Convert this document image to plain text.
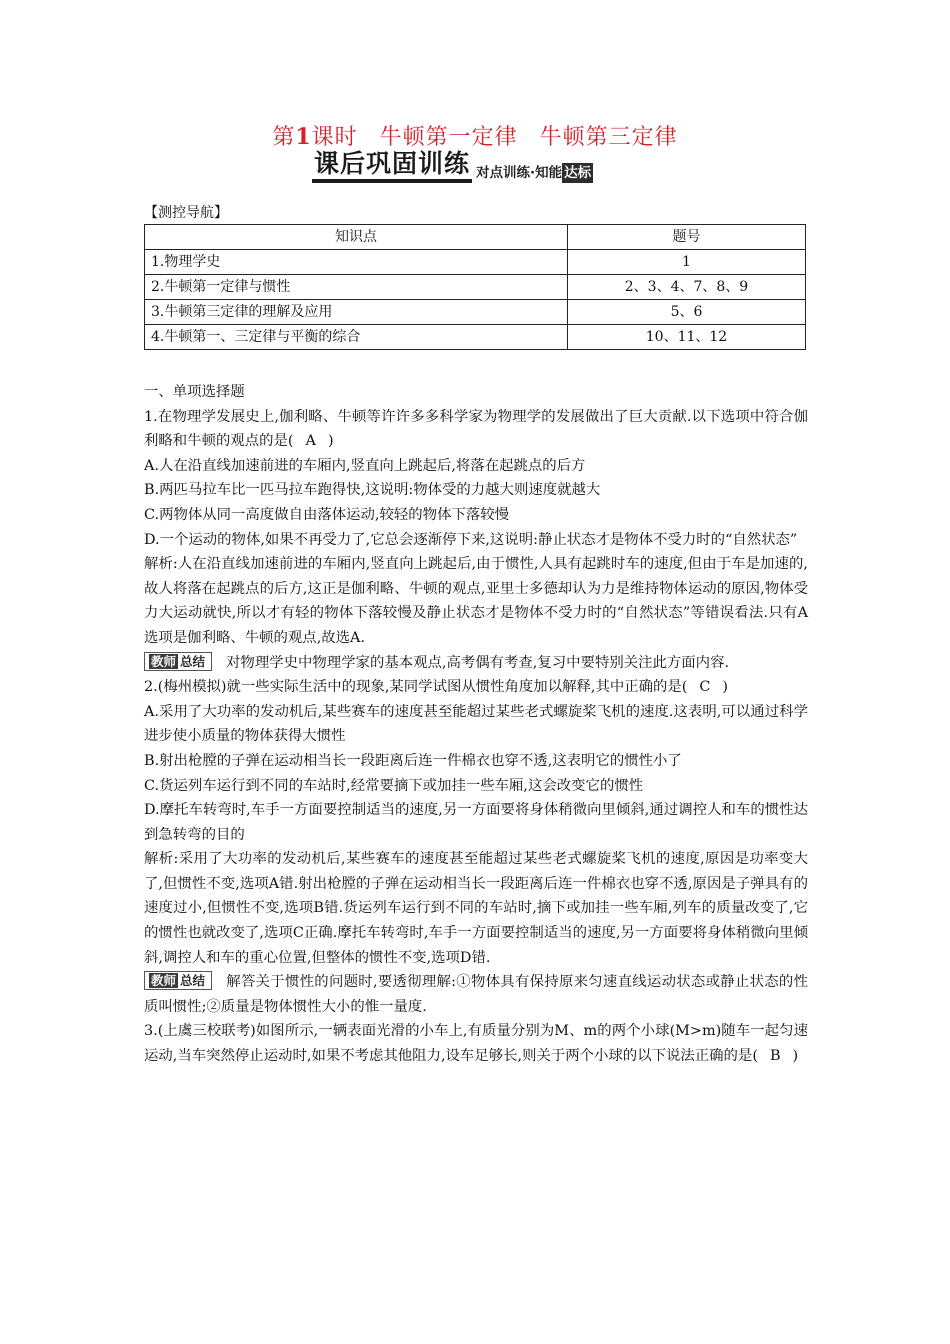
第1课时 牛顿第一定律 牛顿第三定律
课后巩固训练 对点训练·知能 达标
【测控导航】
知识点	题号
1.物理学史	1
2.牛顿第一定律与惯性	2、3、4、7、8、9
3.牛顿第三定律的理解及应用	5、6
4.牛顿第一、三定律与平衡的综合	10、11、12

一、单项选择题

1.在物理学发展史上,伽利略、牛顿等许许多多科学家为物理学的发展做出了巨大贡献.以下选项中符合伽利略和牛顿的观点的是( A )

A.人在沿直线加速前进的车厢内,竖直向上跳起后,将落在起跳点的后方

B.两匹马拉车比一匹马拉车跑得快,这说明:物体受的力越大则速度就越大

C.两物体从同一高度做自由落体运动,较轻的物体下落较慢

D.一个运动的物体,如果不再受力了,它总会逐渐停下来,这说明:静止状态才是物体不受力时的“自然状态”

解析:人在沿直线加速前进的车厢内,竖直向上跳起后,由于惯性,人具有起跳时车的速度,但由于车是加速的,故人将落在起跳点的后方,这正是伽利略、牛顿的观点,亚里士多德却认为力是维持物体运动的原因,物体受力大运动就快,所以才有轻的物体下落较慢及静止状态才是物体不受力时的“自然状态”等错误看法.只有A选项是伽利略、牛顿的观点,故选A.

教师 总结 对物理学史中物理学家的基本观点,高考偶有考查,复习中要特别关注此方面内容.

2.(梅州模拟)就一些实际生活中的现象,某同学试图从惯性角度加以解释,其中正确的是( C )

A.采用了大功率的发动机后,某些赛车的速度甚至能超过某些老式螺旋桨飞机的速度.这表明,可以通过科学进步使小质量的物体获得大惯性

B.射出枪膛的子弹在运动相当长一段距离后连一件棉衣也穿不透,这表明它的惯性小了

C.货运列车运行到不同的车站时,经常要摘下或加挂一些车厢,这会改变它的惯性

D.摩托车转弯时,车手一方面要控制适当的速度,另一方面要将身体稍微向里倾斜,通过调控人和车的惯性达到急转弯的目的

解析:采用了大功率的发动机后,某些赛车的速度甚至能超过某些老式螺旋桨飞机的速度,原因是功率变大了,但惯性不变,选项A错.射出枪膛的子弹在运动相当长一段距离后连一件棉衣也穿不透,原因是子弹具有的速度过小,但惯性不变,选项B错.货运列车运行到不同的车站时,摘下或加挂一些车厢,列车的质量改变了,它的惯性也就改变了,选项C正确.摩托车转弯时,车手一方面要控制适当的速度,另一方面要将身体稍微向里倾斜,调控人和车的重心位置,但整体的惯性不变,选项D错.

教师 总结 解答关于惯性的问题时,要透彻理解:①物体具有保持原来匀速直线运动状态或静止状态的性质叫惯性;②质量是物体惯性大小的惟一量度.

3.(上虞三校联考)如图所示,一辆表面光滑的小车上,有质量分别为M、m的两个小球(M>m)随车一起匀速运动,当车突然停止运动时,如果不考虑其他阻力,设车足够长,则关于两个小球的以下说法正确的是( B )
